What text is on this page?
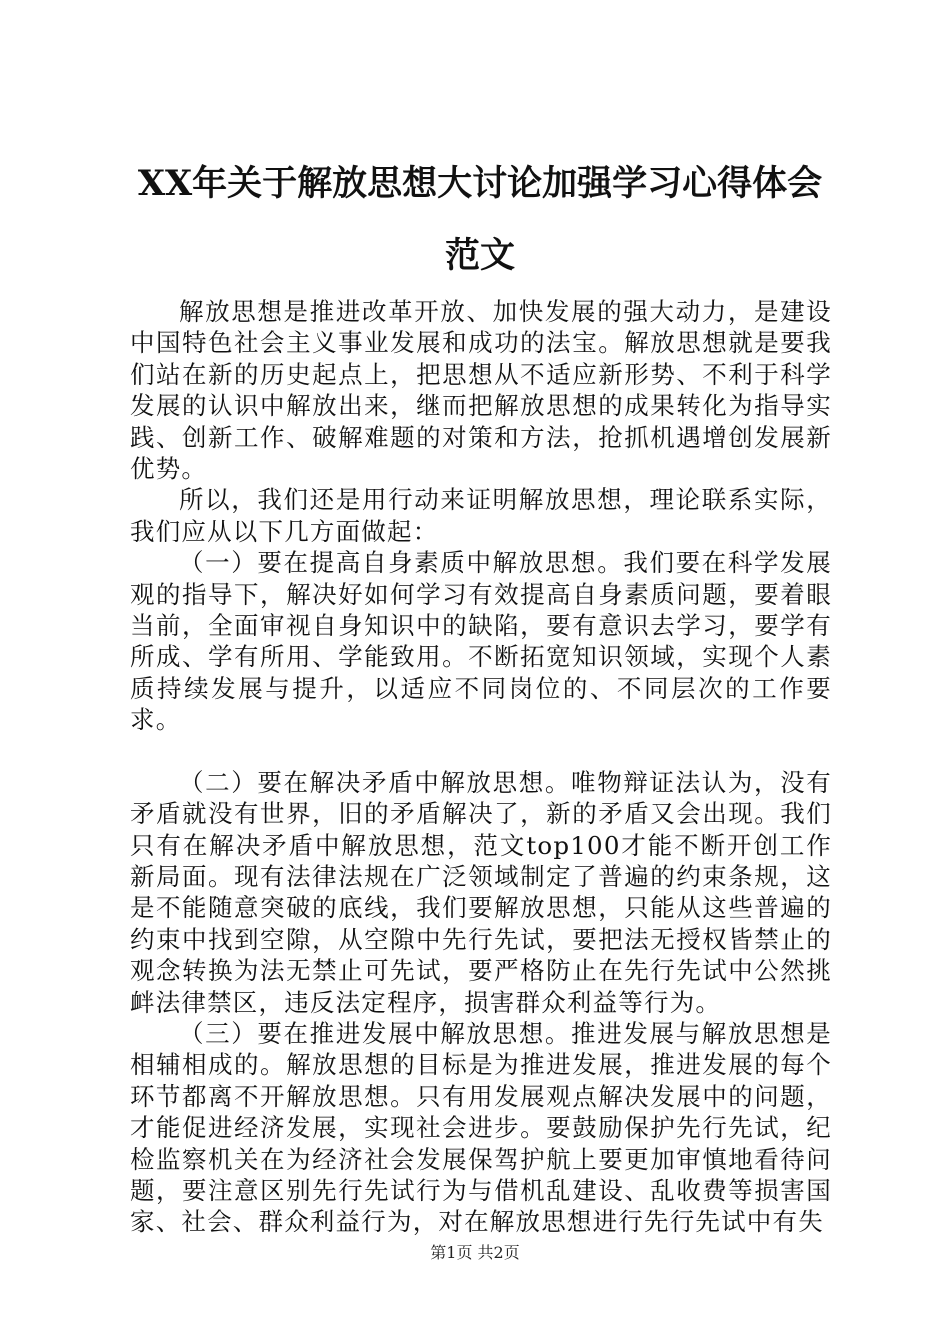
XX年关于解放思想大讨论加强学习心得体会
范文

解放思想是推进改革开放、加快发展的强大动力，是建设中国特色社会主义事业发展和成功的法宝。解放思想就是要我们站在新的历史起点上，把思想从不适应新形势、不利于科学发展的认识中解放出来，继而把解放思想的成果转化为指导实践、创新工作、破解难题的对策和方法，抢抓机遇增创发展新优势。

所以，我们还是用行动来证明解放思想，理论联系实际，我们应从以下几方面做起：

（一）要在提高自身素质中解放思想。我们要在科学发展观的指导下，解决好如何学习有效提高自身素质问题，要着眼当前，全面审视自身知识中的缺陷，要有意识去学习，要学有所成、学有所用、学能致用。不断拓宽知识领域，实现个人素质持续发展与提升，以适应不同岗位的、不同层次的工作要求。

（二）要在解决矛盾中解放思想。唯物辩证法认为，没有矛盾就没有世界，旧的矛盾解决了，新的矛盾又会出现。我们只有在解决矛盾中解放思想，范文top100才能不断开创工作新局面。现有法律法规在广泛领域制定了普遍的约束条规，这是不能随意突破的底线，我们要解放思想，只能从这些普遍的约束中找到空隙，从空隙中先行先试，要把法无授权皆禁止的观念转换为法无禁止可先试，要严格防止在先行先试中公然挑衅法律禁区，违反法定程序，损害群众利益等行为。

（三）要在推进发展中解放思想。推进发展与解放思想是相辅相成的。解放思想的目标是为推进发展，推进发展的每个环节都离不开解放思想。只有用发展观点解决发展中的问题，才能促进经济发展，实现社会进步。要鼓励保护先行先试，纪检监察机关在为经济社会发展保驾护航上要更加审慎地看待问题，要注意区别先行先试行为与借机乱建设、乱收费等损害国家、社会、群众利益行为，对在解放思想进行先行先试中有失

第1页 共2页
